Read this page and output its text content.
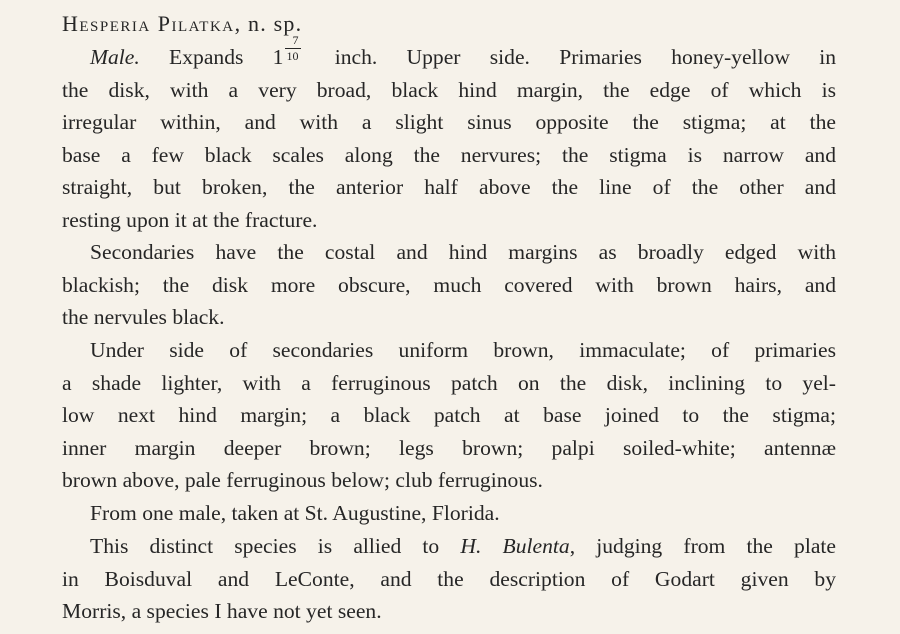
Hesperia Pilatka, n. sp.
Male. Expands $1 \frac{7}{10}$ inch. Upper side. Primaries honey-yellow in
the disk, with a very broad, black hind margin, the edge of which is
irregular within, and with a slight sinus opposite the stigma; at the
base a few black scales along the nervures; the stigma is narrow and
straight, but broken, the anterior half above the line of the other and
resting upon it at the fracture.
Secondaries have the costal and hind margins as broadly edged with
blackish; the disk more obscure, much covered with brown hairs, and
the nervules black.
Under side of secondaries uniform brown, immaculate; of primaries
a shade lighter, with a ferruginous patch on the disk, inclining to yel-
low next hind margin; a black patch at base joined to the stigma;
inner margin deeper brown; legs brown; palpi soiled-white; antennæ
brown above, pale ferruginous below; club ferruginous.
From one male, taken at St. Augustine, Florida.
This distinct species is allied to H. Bulenta, judging from the plate
in Boisduval and LeConte, and the description of Godart given by
Morris, a species I have not yet seen.
